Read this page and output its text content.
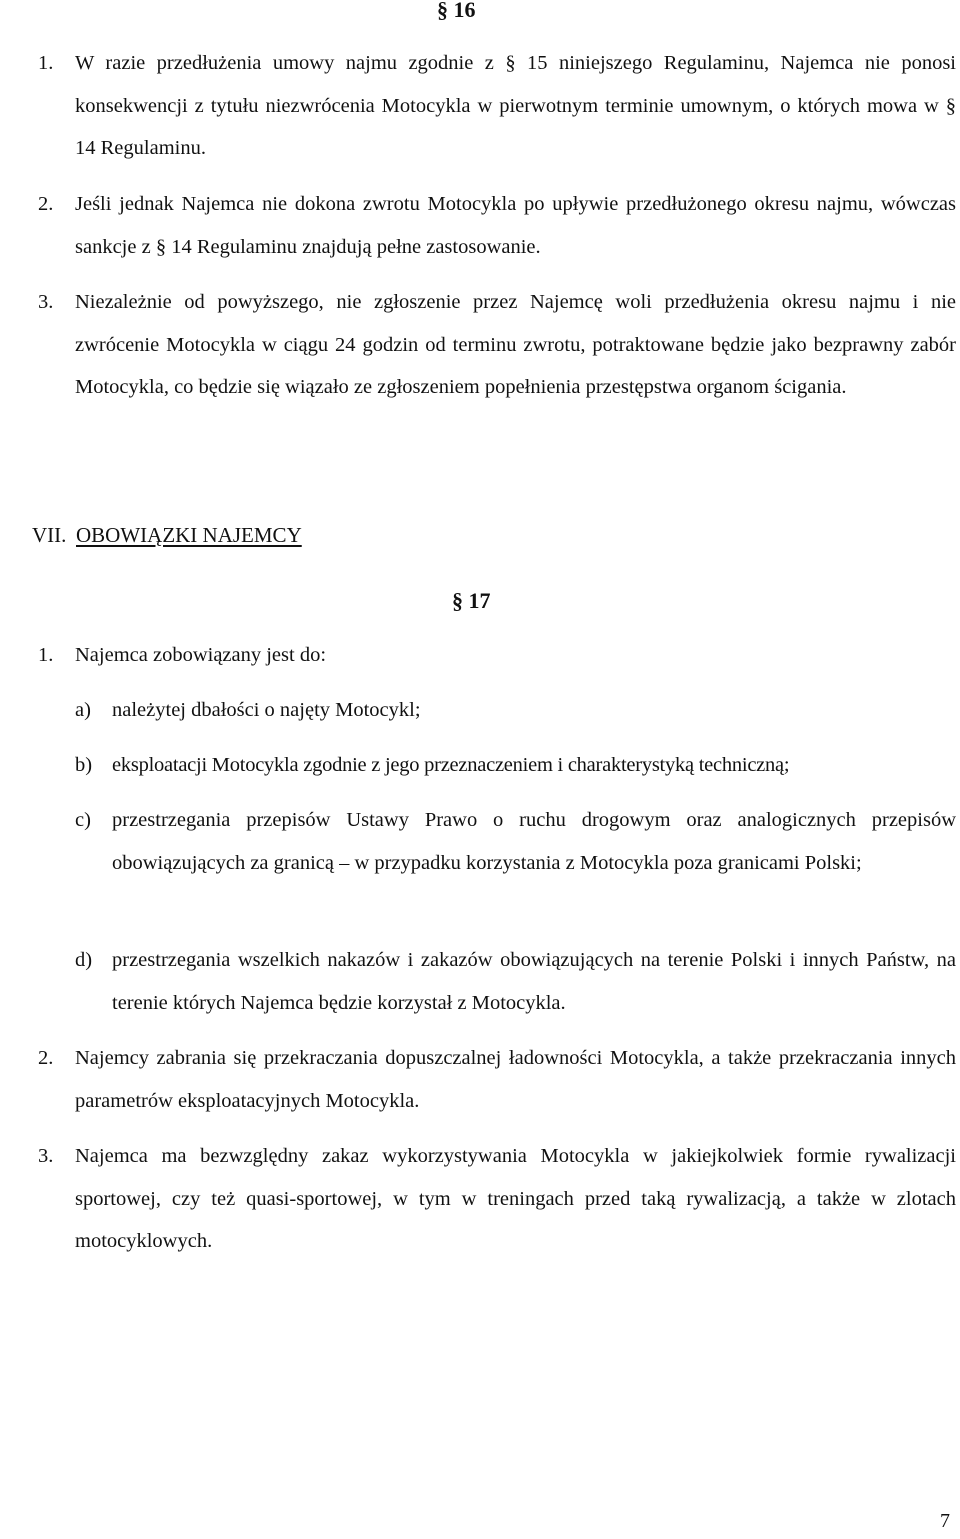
§ 16
1.	W razie przedłużenia umowy najmu zgodnie z § 15 niniejszego Regulaminu, Najemca nie ponosi konsekwencji z tytułu niezwrócenia Motocykla w pierwotnym terminie umownym, o których mowa w § 14 Regulaminu.
2.	Jeśli jednak Najemca nie dokona zwrotu Motocykla po upływie przedłużonego okresu najmu, wówczas sankcje z § 14 Regulaminu znajdują pełne zastosowanie.
3.	Niezależnie od powyższego, nie zgłoszenie przez Najemcę woli przedłużenia okresu najmu i nie zwrócenie Motocykla w ciągu 24 godzin od terminu zwrotu, potraktowane będzie jako bezprawny zabór Motocykla, co będzie się wiązało ze zgłoszeniem popełnienia przestępstwa organom ścigania.
VII. OBOWIĄZKI NAJEMCY
§ 17
1.	Najemca zobowiązany jest do:
a)	należytej dbałości o najęty Motocykl;
b) eksploatacji Motocykla zgodnie z jego przeznaczeniem i charakterystyką techniczną;
c)	przestrzegania przepisów Ustawy Prawo o ruchu drogowym oraz analogicznych przepisów obowiązujących za granicą – w przypadku korzystania z Motocykla poza granicami Polski;
d) przestrzegania wszelkich nakazów i zakazów obowiązujących na terenie Polski i innych Państw, na terenie których Najemca będzie korzystał z Motocykla.
2.	Najemcy zabrania się przekraczania dopuszczalnej ładowności Motocykla, a także przekraczania innych parametrów eksploatacyjnych Motocykla.
3.	Najemca ma bezwzględny zakaz wykorzystywania Motocykla w jakiejkolwiek formie rywalizacji sportowej, czy też quasi-sportowej, w tym w treningach przed taką rywalizacją, a także w zlotach motocyklowych.
7
